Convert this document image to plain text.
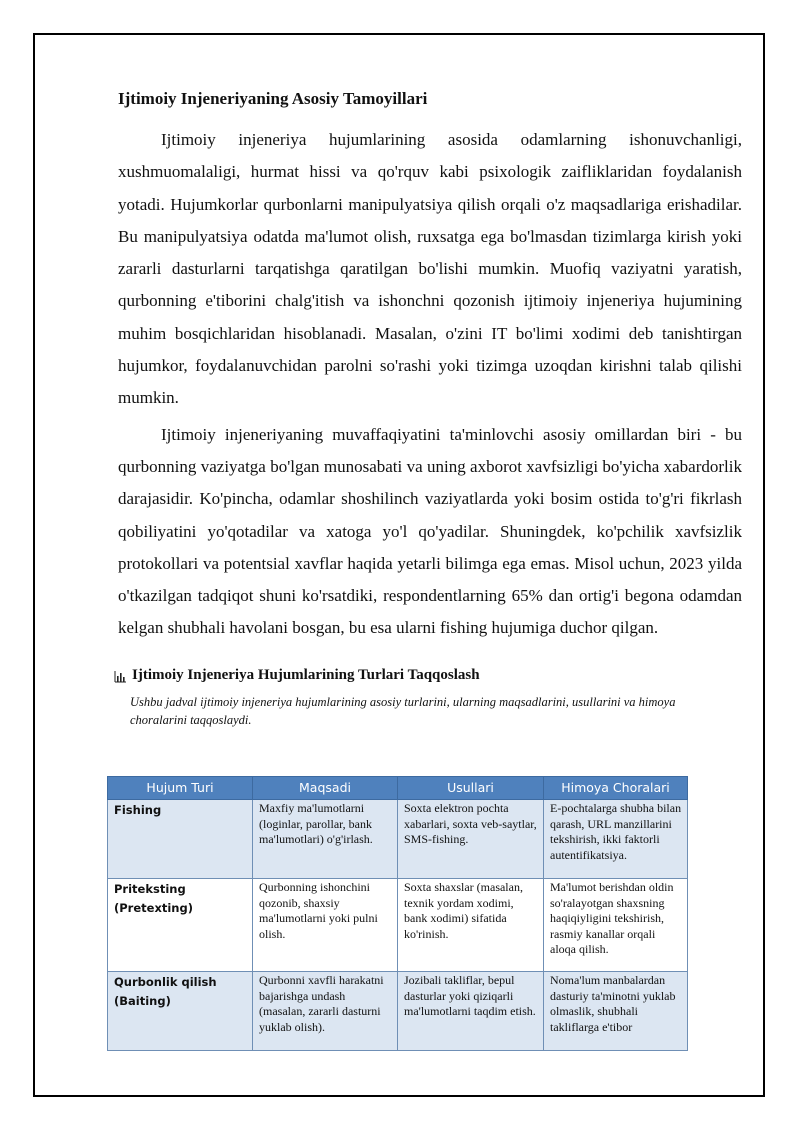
Ijtimoiy Injeneriyaning Asosiy Tamoyillari

Ijtimoiy injeneriya hujumlarining asosida odamlarning ishonuvchanligi, xushmuomalaligi, hurmat hissi va qo'rquv kabi psixologik zaifliklaridan foydalanish yotadi. Hujumkorlar qurbonlarni manipulyatsiya qilish orqali o'z maqsadlariga erishadilar. Bu manipulyatsiya odatda ma'lumot olish, ruxsatga ega bo'lmasdan tizimlarga kirish yoki zararli dasturlarni tarqatishga qaratilgan bo'lishi mumkin. Muofiq vaziyatni yaratish, qurbonning e'tiborini chalg'itish va ishonchni qozonish ijtimoiy injeneriya hujumining muhim bosqichlaridan hisoblanadi. Masalan, o'zini IT bo'limi xodimi deb tanishtirgan hujumkor, foydalanuvchidan parolni so'rashi yoki tizimga uzoqdan kirishni talab qilishi mumkin.

Ijtimoiy injeneriyaning muvaffaqiyatini ta'minlovchi asosiy omillardan biri - bu qurbonning vaziyatga bo'lgan munosabati va uning axborot xavfsizligi bo'yicha xabardorlik darajasidir. Ko'pincha, odamlar shoshilinch vaziyatlarda yoki bosim ostida to'g'ri fikrlash qobiliyatini yo'qotadilar va xatoga yo'l qo'yadilar. Shuningdek, ko'pchilik xavfsizlik protokollari va potentsial xavflar haqida yetarli bilimga ega emas. Misol uchun, 2023 yilda o'tkazilgan tadqiqot shuni ko'rsatdiki, respondentlarning 65% dan ortig'i begona odamdan kelgan shubhali havolani bosgan, bu esa ularni fishing hujumiga duchor qilgan.

Ijtimoiy Injeneriya Hujumlarining Turlari Taqqoslash
Ushbu jadval ijtimoiy injeneriya hujumlarining asosiy turlarini, ularning maqsadlarini, usullarini va himoya choralarini taqqoslaydi.
Hujum Turi	Maqsadi	Usullari	Himoya Choralari
Fishing	Maxfiy ma'lumotlarni (loginlar, parollar, bank ma'lumotlari) o'g'irlash.	Soxta elektron pochta xabarlari, soxta veb-saytlar, SMS-fishing.	E-pochtalarga shubha bilan qarash, URL manzillarini tekshirish, ikki faktorli autentifikatsiya.
Priteksting (Pretexting)	Qurbonning ishonchini qozonib, shaxsiy ma'lumotlarni yoki pulni olish.	Soxta shaxslar (masalan, texnik yordam xodimi, bank xodimi) sifatida ko'rinish.	Ma'lumot berishdan oldin so'ralayotgan shaxsning haqiqiyligini tekshirish, rasmiy kanallar orqali aloqa qilish.
Qurbonlik qilish (Baiting)	Qurbonni xavfli harakatni bajarishga undash (masalan, zararli dasturni yuklab olish).	Jozibali takliflar, bepul dasturlar yoki qiziqarli ma'lumotlarni taqdim etish.	Noma'lum manbalardan dasturiy ta'minotni yuklab olmaslik, shubhali takliflarga e'tibor
